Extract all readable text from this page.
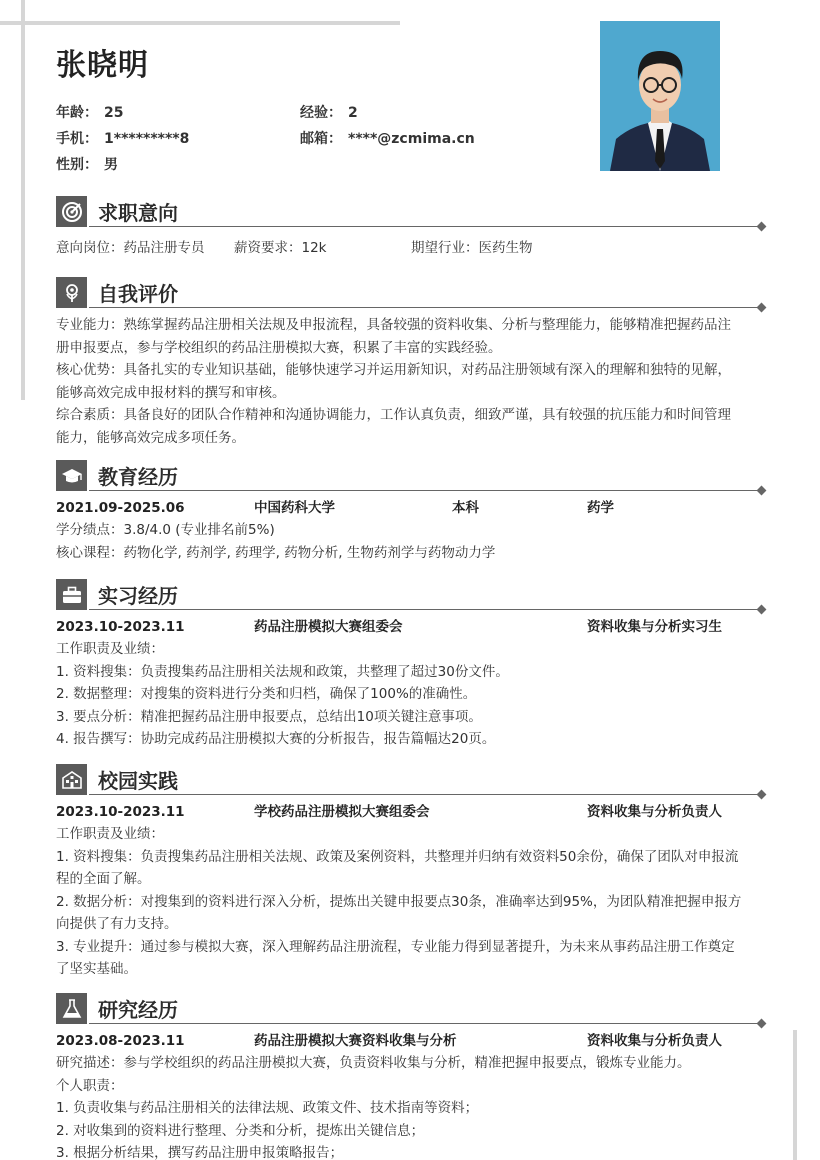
张晓明
年龄： 25	经验： 2
手机： 1*********8	邮箱： ****@zcmima.cn
性别： 男
求职意向
意向岗位：药品注册专员 薪资要求：12k	期望行业：医药生物
自我评价
专业能力：熟练掌握药品注册相关法规及申报流程，具备较强的资料收集、分析与整理能力，能够精准把握药品注
册申报要点，参与学校组织的药品注册模拟大赛，积累了丰富的实践经验。
核心优势：具备扎实的专业知识基础，能够快速学习并运用新知识，对药品注册领域有深入的理解和独特的见解，
能够高效完成申报材料的撰写和审核。
综合素质：具备良好的团队合作精神和沟通协调能力，工作认真负责，细致严谨，具有较强的抗压能力和时间管理
能力，能够高效完成多项任务。
教育经历
2021.09-2025.06	中国药科大学	本科	药学
学分绩点：3.8/4.0 (专业排名前5%)
核心课程：药物化学, 药剂学, 药理学, 药物分析, 生物药剂学与药物动力学
实习经历
2023.10-2023.11	药品注册模拟大赛组委会	资料收集与分析实习生
工作职责及业绩：
1. 资料搜集：负责搜集药品注册相关法规和政策，共整理了超过30份文件。
2. 数据整理：对搜集的资料进行分类和归档，确保了100%的准确性。
3. 要点分析：精准把握药品注册申报要点，总结出10项关键注意事项。
4. 报告撰写：协助完成药品注册模拟大赛的分析报告，报告篇幅达20页。
校园实践
2023.10-2023.11	学校药品注册模拟大赛组委会	资料收集与分析负责人
工作职责及业绩：
1. 资料搜集：负责搜集药品注册相关法规、政策及案例资料，共整理并归纳有效资料50余份，确保了团队对申报流
程的全面了解。
2. 数据分析：对搜集到的资料进行深入分析，提炼出关键申报要点30条，准确率达到95%，为团队精准把握申报方
向提供了有力支持。
3. 专业提升：通过参与模拟大赛，深入理解药品注册流程，专业能力得到显著提升，为未来从事药品注册工作奠定
了坚实基础。
研究经历
2023.08-2023.11	药品注册模拟大赛资料收集与分析	资料收集与分析负责人
研究描述：参与学校组织的药品注册模拟大赛，负责资料收集与分析，精准把握申报要点，锻炼专业能力。
个人职责：
1. 负责收集与药品注册相关的法律法规、政策文件、技术指南等资料；
2. 对收集到的资料进行整理、分类和分析，提炼出关键信息；
3. 根据分析结果，撰写药品注册申报策略报告；
